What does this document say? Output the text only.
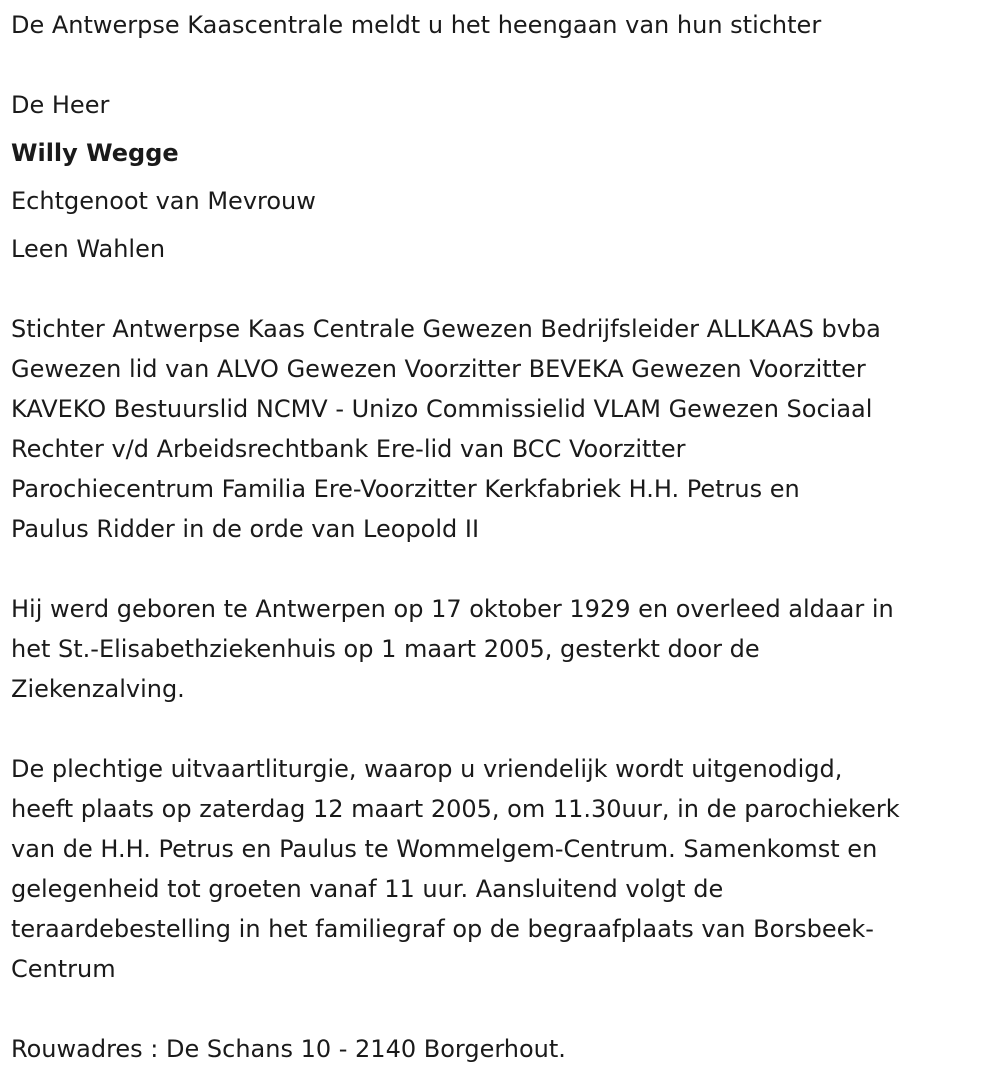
De Antwerpse Kaascentrale meldt u het heengaan van hun stichter
De Heer
Willy Wegge
Echtgenoot van Mevrouw
Leen Wahlen
Stichter Antwerpse Kaas Centrale Gewezen Bedrijfsleider ALLKAAS bvba
Gewezen lid van ALVO Gewezen Voorzitter BEVEKA Gewezen Voorzitter
KAVEKO Bestuurslid NCMV - Unizo Commissielid VLAM Gewezen Sociaal
Rechter v/d Arbeidsrechtbank Ere-lid van BCC Voorzitter
Parochiecentrum Familia Ere-Voorzitter Kerkfabriek H.H. Petrus en
Paulus Ridder in de orde van Leopold II
Hij werd geboren te Antwerpen op 17 oktober 1929 en overleed aldaar in
het St.-Elisabethziekenhuis op 1 maart 2005, gesterkt door de
Ziekenzalving.
De plechtige uitvaartliturgie, waarop u vriendelijk wordt uitgenodigd,
heeft plaats op zaterdag 12 maart 2005, om 11.30uur, in de parochiekerk
van de H.H. Petrus en Paulus te Wommelgem-Centrum. Samenkomst en
gelegenheid tot groeten vanaf 11 uur. Aansluitend volgt de
teraardebestelling in het familiegraf op de begraafplaats van Borsbeek-
Centrum
Rouwadres : De Schans 10 - 2140 Borgerhout.
